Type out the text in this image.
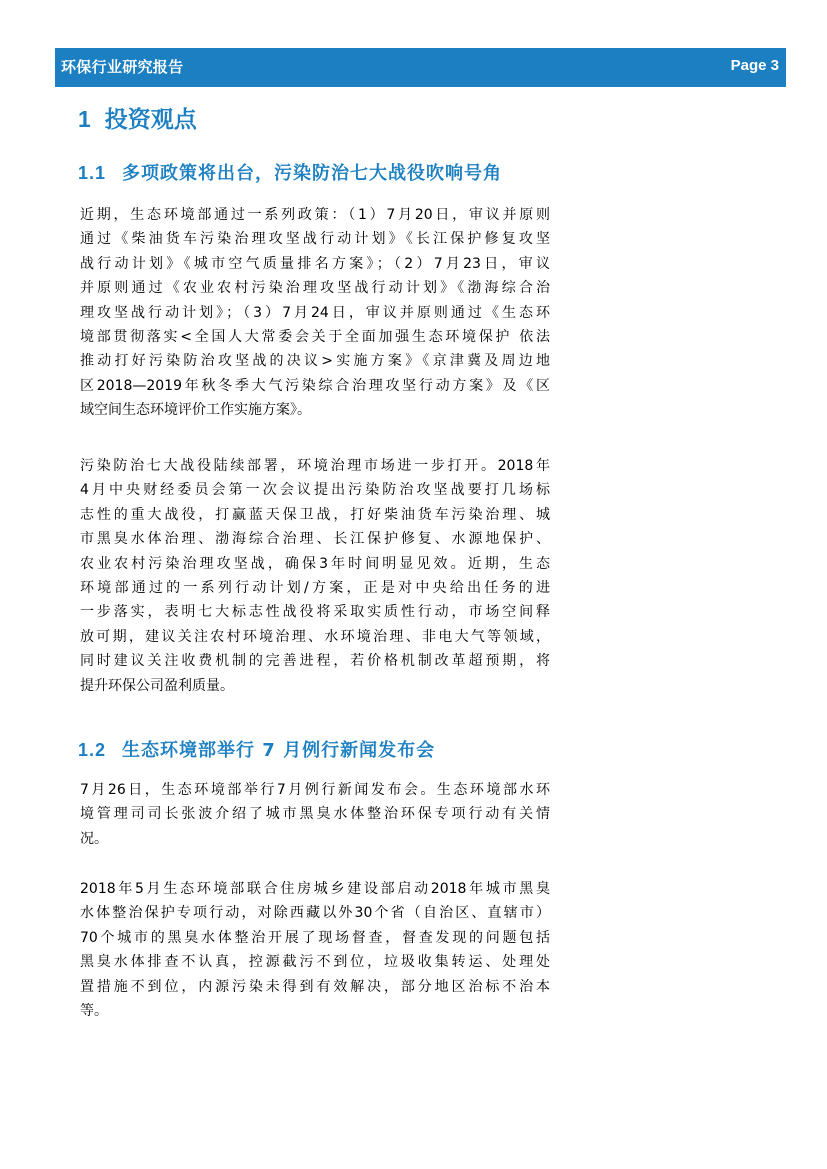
环保行业研究报告	Page 3
1 投资观点
1.1 多项政策将出台，污染防治七大战役吹响号角
近期，生态环境部通过一系列政策：（1）7月20日，审议并原则
通过《柴油货车污染治理攻坚战行动计划》《长江保护修复攻坚
战行动计划》《城市空气质量排名方案》；（2）7月23日，审议
并原则通过《农业农村污染治理攻坚战行动计划》《渤海综合治
理攻坚战行动计划》；（3）7月24日，审议并原则通过《生态环
境部贯彻落实<全国人大常委会关于全面加强生态环境保护 依法
推动打好污染防治攻坚战的决议>实施方案》《京津冀及周边地
区2018—2019年秋冬季大气污染综合治理攻坚行动方案》及《区
域空间生态环境评价工作实施方案》。
污染防治七大战役陆续部署，环境治理市场进一步打开。2018年
4月中央财经委员会第一次会议提出污染防治攻坚战要打几场标
志性的重大战役，打赢蓝天保卫战，打好柴油货车污染治理、城
市黑臭水体治理、渤海综合治理、长江保护修复、水源地保护、
农业农村污染治理攻坚战，确保3年时间明显见效。近期，生态
环境部通过的一系列行动计划/方案，正是对中央给出任务的进
一步落实，表明七大标志性战役将采取实质性行动，市场空间释
放可期，建议关注农村环境治理、水环境治理、非电大气等领域，
同时建议关注收费机制的完善进程，若价格机制改革超预期，将
提升环保公司盈利质量。
1.2 生态环境部举行 7 月例行新闻发布会
7月26日，生态环境部举行7月例行新闻发布会。生态环境部水环
境管理司司长张波介绍了城市黑臭水体整治环保专项行动有关情
况。
2018年5月生态环境部联合住房城乡建设部启动2018年城市黑臭
水体整治保护专项行动，对除西藏以外30个省（自治区、直辖市）
70个城市的黑臭水体整治开展了现场督查，督查发现的问题包括
黑臭水体排查不认真，控源截污不到位，垃圾收集转运、处理处
置措施不到位，内源污染未得到有效解决，部分地区治标不治本
等。
